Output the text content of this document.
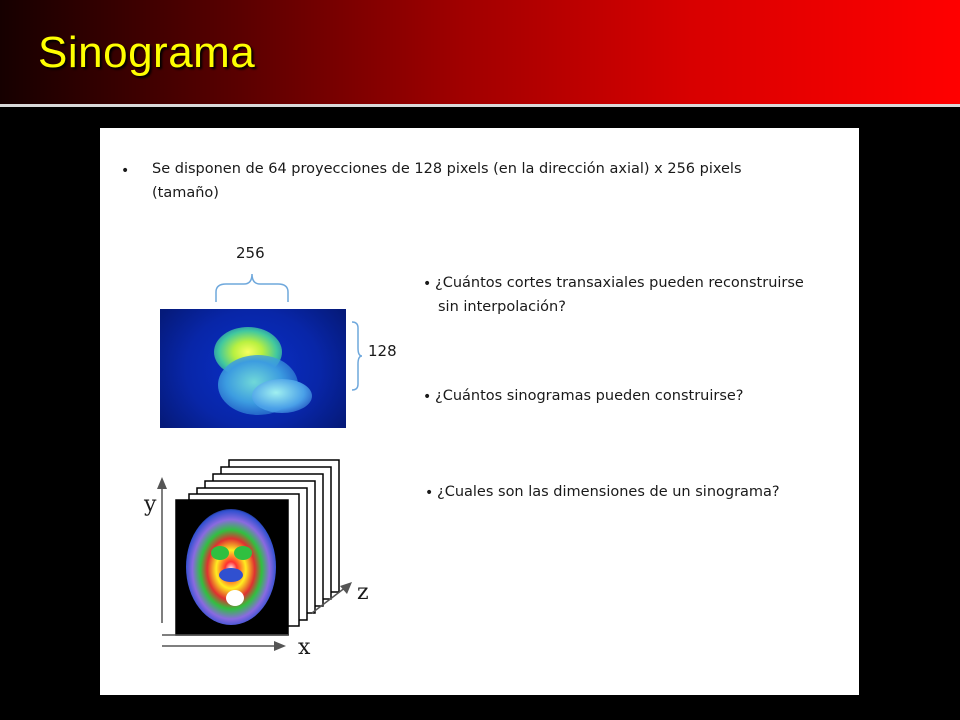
Sinograma
• Se disponen de 64 proyecciones de 128 pixels (en la dirección axial) x 256 pixels
(tamaño)
256
128
• ¿Cuántos cortes transaxiales pueden reconstruirse
sin interpolación?
• ¿Cuántos sinogramas pueden construirse?
• ¿Cuales son las dimensiones de un sinograma?
y
x
z
